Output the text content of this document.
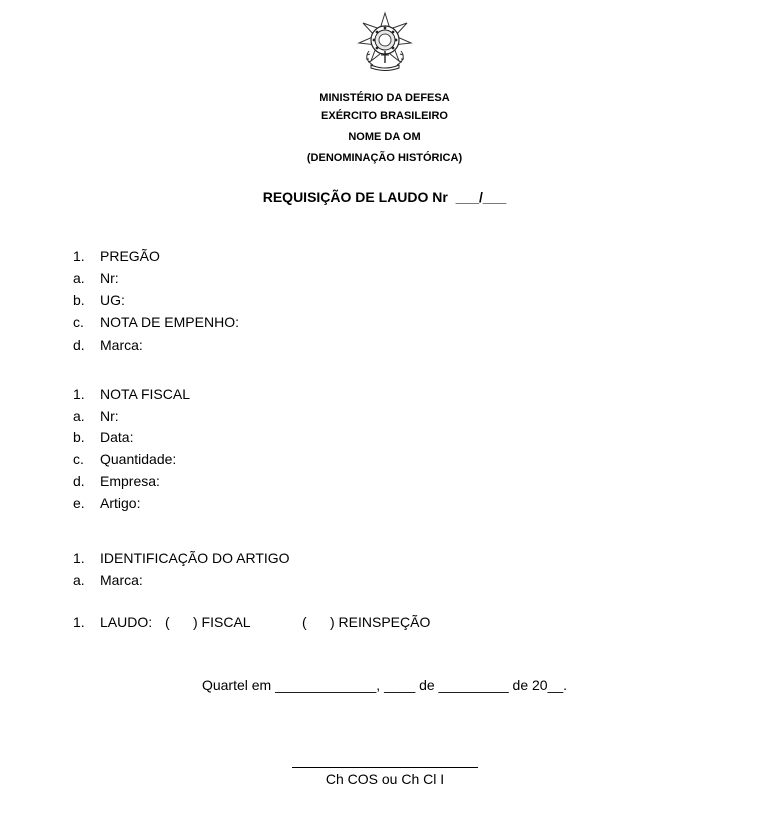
MINISTÉRIO DA DEFESA
EXÉRCITO BRASILEIRO
NOME DA OM
(DENOMINAÇÃO HISTÓRICA)
REQUISIÇÃO DE LAUDO Nr  ___/___
1. PREGÃO
a. Nr:
b. UG:
c. NOTA DE EMPENHO:
d. Marca:
1. NOTA FISCAL
a. Nr:
b. Data:
c. Quantidade:
d. Empresa:
e. Artigo:
1. IDENTIFICAÇÃO DO ARTIGO
a. Marca:
1. LAUDO: (      ) FISCAL	(      ) REINSPEÇÃO
Quartel em _____________, ____ de _________ de 20__.
Ch COS ou Ch Cl I
